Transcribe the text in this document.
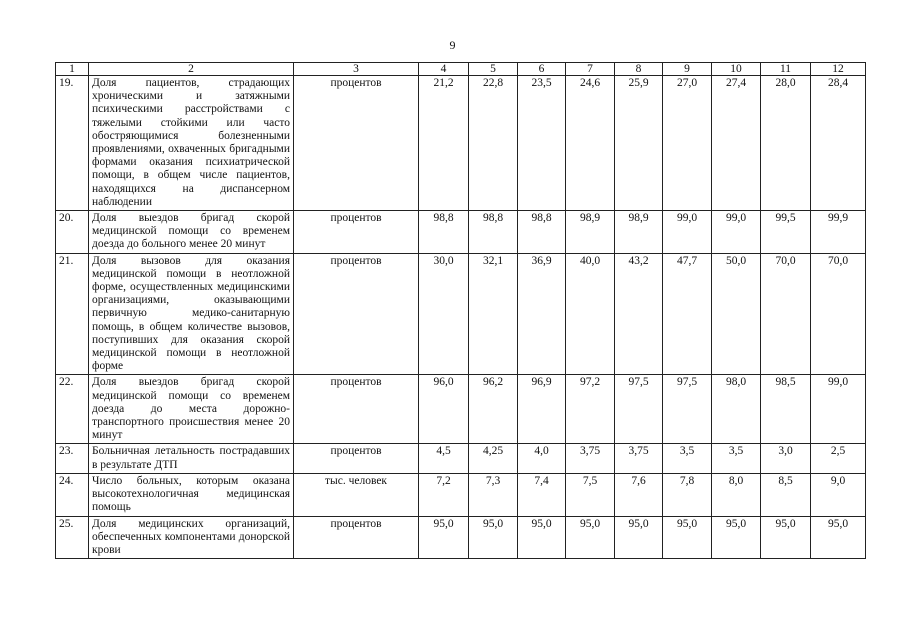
9
1	2	3	4	5	6	7	8	9	10	11	12
19.	Доля пациентов, страдающих хроническими и затяжными психическими расстройствами с тяжелыми стойкими или часто обостряющимися болезненными проявлениями, охваченных бригадными формами оказания психиатрической помощи, в общем числе пациентов, находящихся на диспансерном наблюдении	процентов	21,2	22,8	23,5	24,6	25,9	27,0	27,4	28,0	28,4
20.	Доля выездов бригад скорой медицинской помощи со временем доезда до больного менее 20 минут	процентов	98,8	98,8	98,8	98,9	98,9	99,0	99,0	99,5	99,9
21.	Доля вызовов для оказания медицинской помощи в неотложной форме, осуществленных медицинскими организациями, оказывающими первичную медико-санитарную помощь, в общем количестве вызовов, поступивших для оказания скорой медицинской помощи в неотложной форме	процентов	30,0	32,1	36,9	40,0	43,2	47,7	50,0	70,0	70,0
22.	Доля выездов бригад скорой медицинской помощи со временем доезда до места дорожно-транспортного происшествия менее 20 минут	процентов	96,0	96,2	96,9	97,2	97,5	97,5	98,0	98,5	99,0
23.	Больничная летальность пострадавших в результате ДТП	процентов	4,5	4,25	4,0	3,75	3,75	3,5	3,5	3,0	2,5
24.	Число больных, которым оказана высокотехнологичная медицинская помощь	тыс. человек	7,2	7,3	7,4	7,5	7,6	7,8	8,0	8,5	9,0
25.	Доля медицинских организаций, обеспеченных компонентами донорской крови	процентов	95,0	95,0	95,0	95,0	95,0	95,0	95,0	95,0	95,0
